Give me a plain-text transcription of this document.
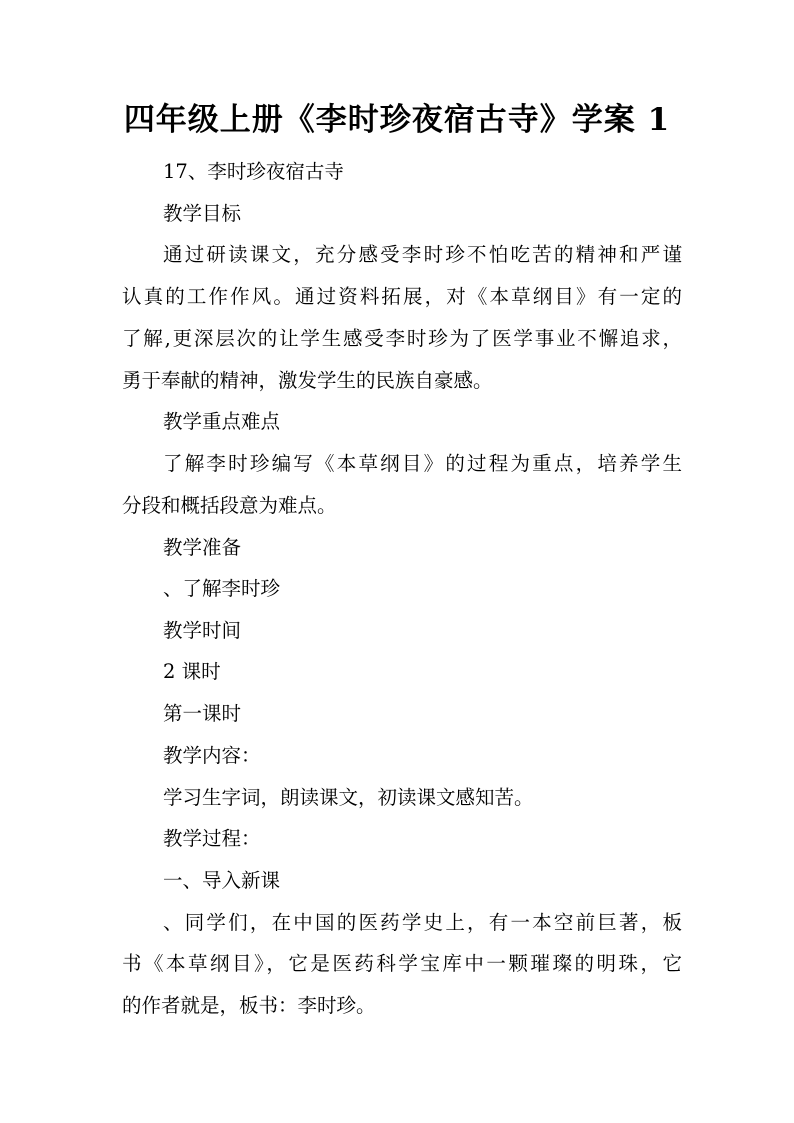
四年级上册《李时珍夜宿古寺》学案 1
17、李时珍夜宿古寺
教学目标
通过研读课文，充分感受李时珍不怕吃苦的精神和严谨
认真的工作作风。通过资料拓展，对《本草纲目》有一定的
了解,更深层次的让学生感受李时珍为了医学事业不懈追求，
勇于奉献的精神，激发学生的民族自豪感。
教学重点难点
了解李时珍编写《本草纲目》的过程为重点，培养学生
分段和概括段意为难点。
教学准备
、了解李时珍
教学时间
2 课时
第一课时
教学内容：
学习生字词，朗读课文，初读课文感知苦。
教学过程：
一、导入新课
、同学们，在中国的医药学史上，有一本空前巨著，板
书《本草纲目》，它是医药科学宝库中一颗璀璨的明珠，它
的作者就是，板书：李时珍。
